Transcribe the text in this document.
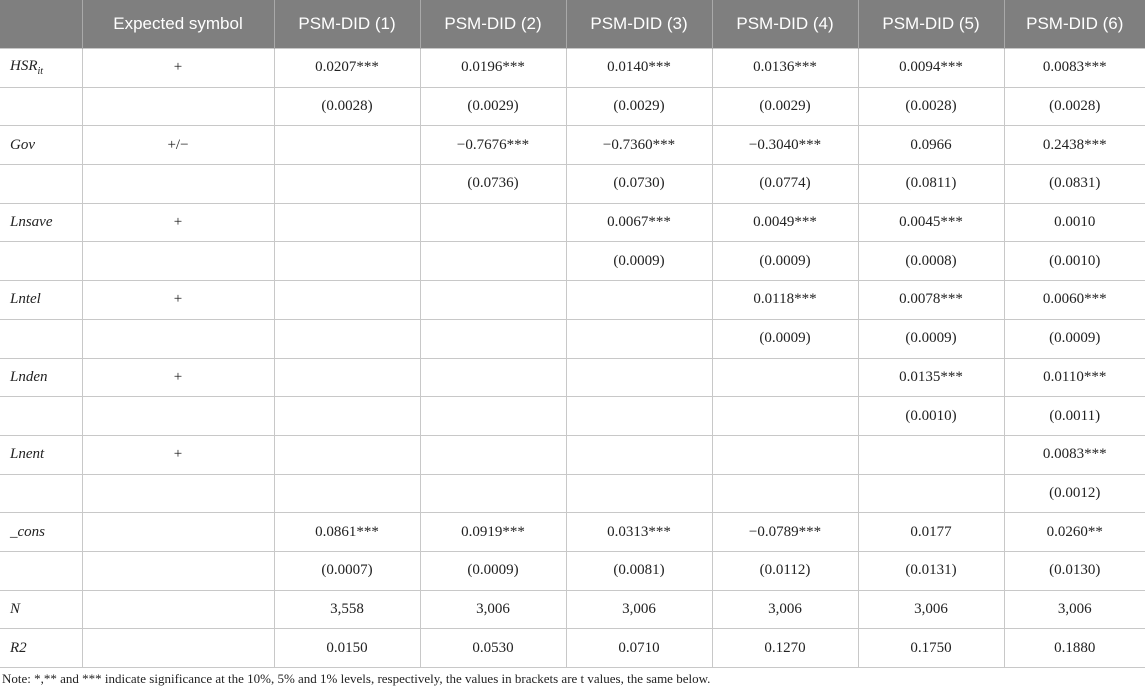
	Expected symbol	PSM-DID (1)	PSM-DID (2)	PSM-DID (3)	PSM-DID (4)	PSM-DID (5)	PSM-DID (6)
$HSR_{it}$	+	0.0207***	0.0196***	0.0140***	0.0136***	0.0094***	0.0083***
		(0.0028)	(0.0029)	(0.0029)	(0.0029)	(0.0028)	(0.0028)
Gov	+/−		−0.7676***	−0.7360***	−0.3040***	0.0966	0.2438***
			(0.0736)	(0.0730)	(0.0774)	(0.0811)	(0.0831)
Lnsave	+			0.0067***	0.0049***	0.0045***	0.0010
				(0.0009)	(0.0009)	(0.0008)	(0.0010)
Lntel	+				0.0118***	0.0078***	0.0060***
					(0.0009)	(0.0009)	(0.0009)
Lnden	+					0.0135***	0.0110***
						(0.0010)	(0.0011)
Lnent	+						0.0083***
							(0.0012)
_cons		0.0861***	0.0919***	0.0313***	−0.0789***	0.0177	0.0260**
		(0.0007)	(0.0009)	(0.0081)	(0.0112)	(0.0131)	(0.0130)
N		3,558	3,006	3,006	3,006	3,006	3,006
R2		0.0150	0.0530	0.0710	0.1270	0.1750	0.1880
Note: *,** and *** indicate significance at the 10%, 5% and 1% levels, respectively, the values in brackets are t values, the same below.
